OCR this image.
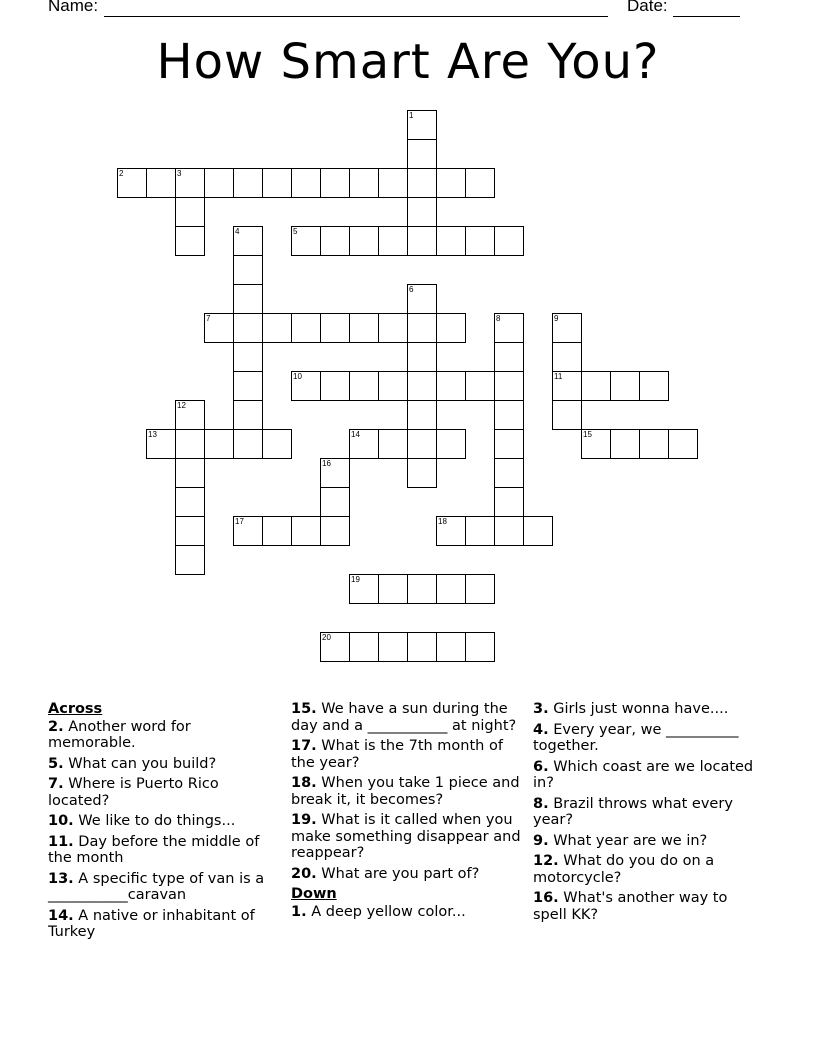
Name:	Date:
How Smart Are You?
1
2	3
4	5
6
7	8	9
11
10
12
13	14	15
16
17	18
19
20
Across
2. Another word for memorable.
5. What can you build?
7. Where is Puerto Rico located?
10. We like to do things...
11. Day before the middle of the month
13. A specific type of van is a ___________caravan
14. A native or inhabitant of Turkey
15. We have a sun during the day and a ___________ at night?
17. What is the 7th month of the year?
18. When you take 1 piece and break it, it becomes?
19. What is it called when you make something disappear and reappear?
20. What are you part of?
Down
1. A deep yellow color...
3. Girls just wonna have....
4. Every year, we __________ together.
6. Which coast are we located in?
8. Brazil throws what every year?
9. What year are we in?
12. What do you do on a motorcycle?
16. What's another way to spell KK?
